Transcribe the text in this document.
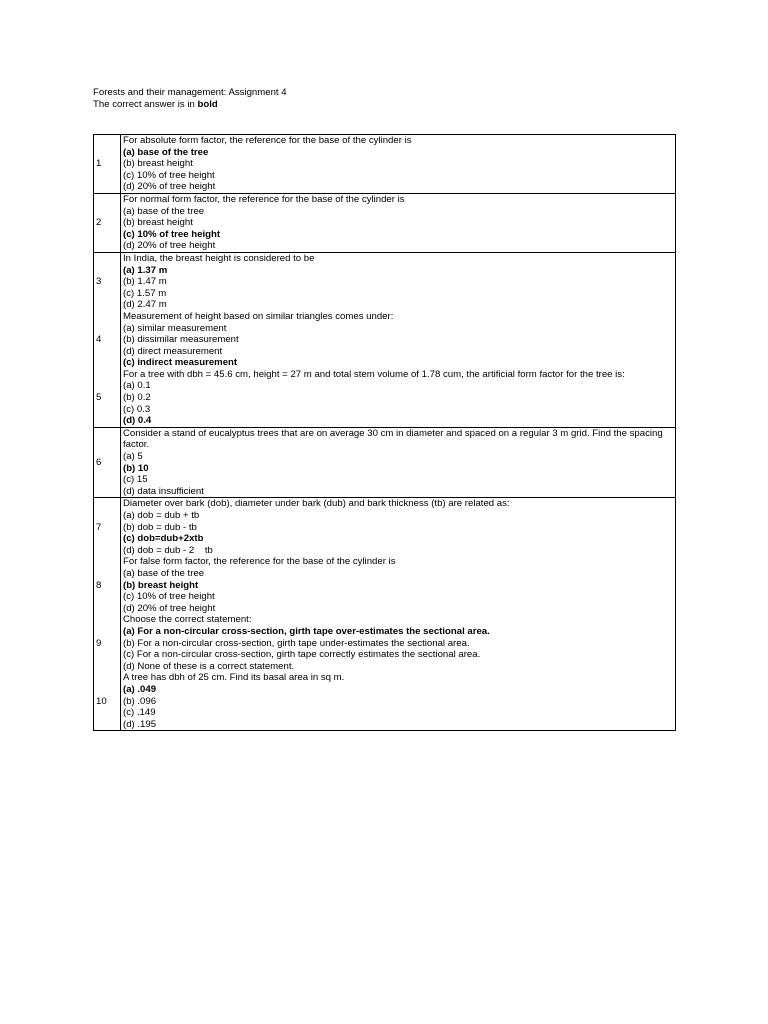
Forests and their management: Assignment 4
The correct answer is in bold
1	For absolute form factor, the reference for the base of the cylinder is
(a) base of the tree
(b) breast height
(c) 10% of tree height
(d) 20% of tree height

2	For normal form factor, the reference for the base of the cylinder is
(a) base of the tree
(b) breast height
(c) 10% of tree height
(d) 20% of tree height

3	In India, the breast height is considered to be
(a) 1.37 m
(b) 1.47 m
(c) 1.57 m
(d) 2.47 m

4	Measurement of height based on similar triangles comes under:
(a) similar measurement
(b) dissimilar measurement
(d) direct measurement
(c) indirect measurement

5	For a tree with dbh = 45.6 cm, height = 27 m and total stem volume of 1.78 cum, the artificial form factor for the tree is:
(a) 0.1
(b) 0.2
(c) 0.3
(d) 0.4

6	Consider a stand of eucalyptus trees that are on average 30 cm in diameter and spaced on a regular 3 m grid. Find the spacing factor.
(a) 5
(b) 10
(c) 15
(d) data insufficient

7	Diameter over bark (dob), diameter under bark (dub) and bark thickness (tb) are related as:
(a) dob = dub + tb
(b) dob = dub - tb
(c) dob=dub+2xtb
(d) dob = dub - 2    tb

8	For false form factor, the reference for the base of the cylinder is
(a) base of the tree
(b) breast height
(c) 10% of tree height
(d) 20% of tree height

9	Choose the correct statement:
(a) For a non-circular cross-section, girth tape over-estimates the sectional area.
(b) For a non-circular cross-section, girth tape under-estimates the sectional area.
(c) For a non-circular cross-section, girth tape correctly estimates the sectional area.
(d) None of these is a correct statement.

10	A tree has dbh of 25 cm. Find its basal area in sq m.
(a) .049
(b) .096
(c) .149
(d) .195
